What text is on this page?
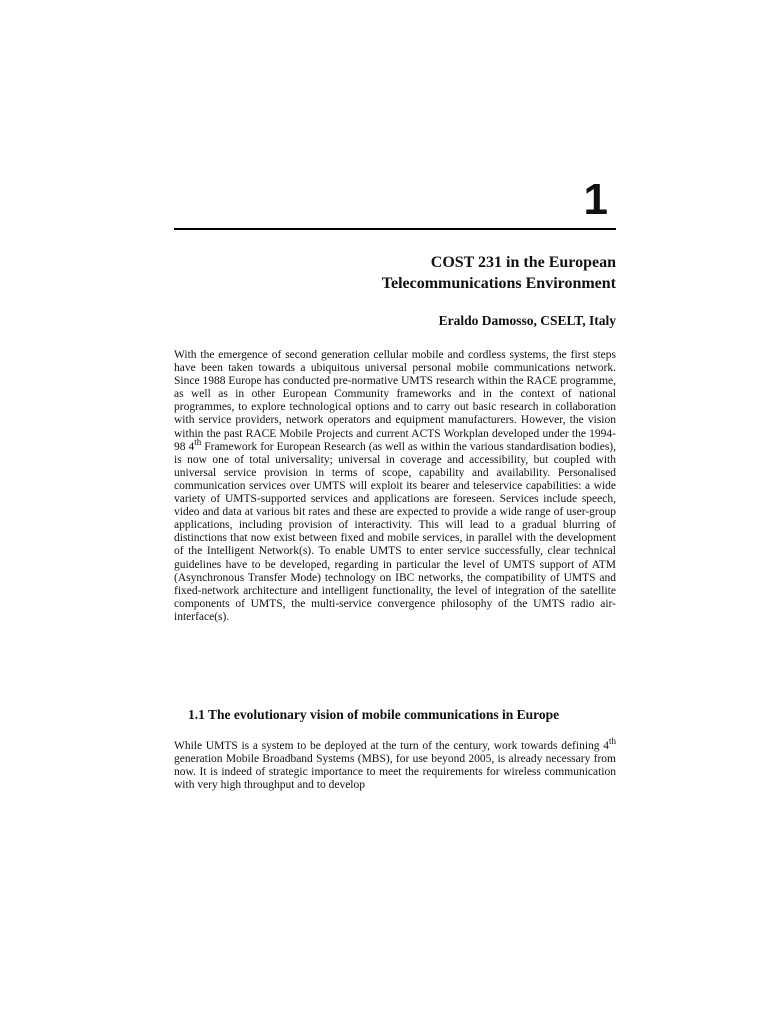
1
COST 231 in the European
Telecommunications Environment

Eraldo Damosso, CSELT, Italy

With the emergence of second generation cellular mobile and cordless systems, the first steps have been taken towards a ubiquitous universal personal mobile communications network. Since 1988 Europe has conducted pre-normative UMTS research within the RACE programme, as well as in other European Community frameworks and in the context of national programmes, to explore technological options and to carry out basic research in collaboration with service providers, network operators and equipment manufacturers. However, the vision within the past RACE Mobile Projects and current ACTS Workplan developed under the 1994-98 4th Framework for European Research (as well as within the various standardisation bodies), is now one of total universality; universal in coverage and accessibility, but coupled with universal service provision in terms of scope, capability and availability. Personalised communication services over UMTS will exploit its bearer and teleservice capabilities: a wide variety of UMTS-supported services and applications are foreseen. Services include speech, video and data at various bit rates and these are expected to provide a wide range of user-group applications, including provision of interactivity. This will lead to a gradual blurring of distinctions that now exist between fixed and mobile services, in parallel with the development of the Intelligent Network(s). To enable UMTS to enter service successfully, clear technical guidelines have to be developed, regarding in particular the level of UMTS support of ATM (Asynchronous Transfer Mode) technology on IBC networks, the compatibility of UMTS and fixed-network architecture and intelligent functionality, the level of integration of the satellite components of UMTS, the multi-service convergence philosophy of the UMTS radio air-interface(s).

1.1 The evolutionary vision of mobile communications in Europe

While UMTS is a system to be deployed at the turn of the century, work towards defining 4th generation Mobile Broadband Systems (MBS), for use beyond 2005, is already necessary from now. It is indeed of strategic importance to meet the requirements for wireless communication with very high throughput and to develop
